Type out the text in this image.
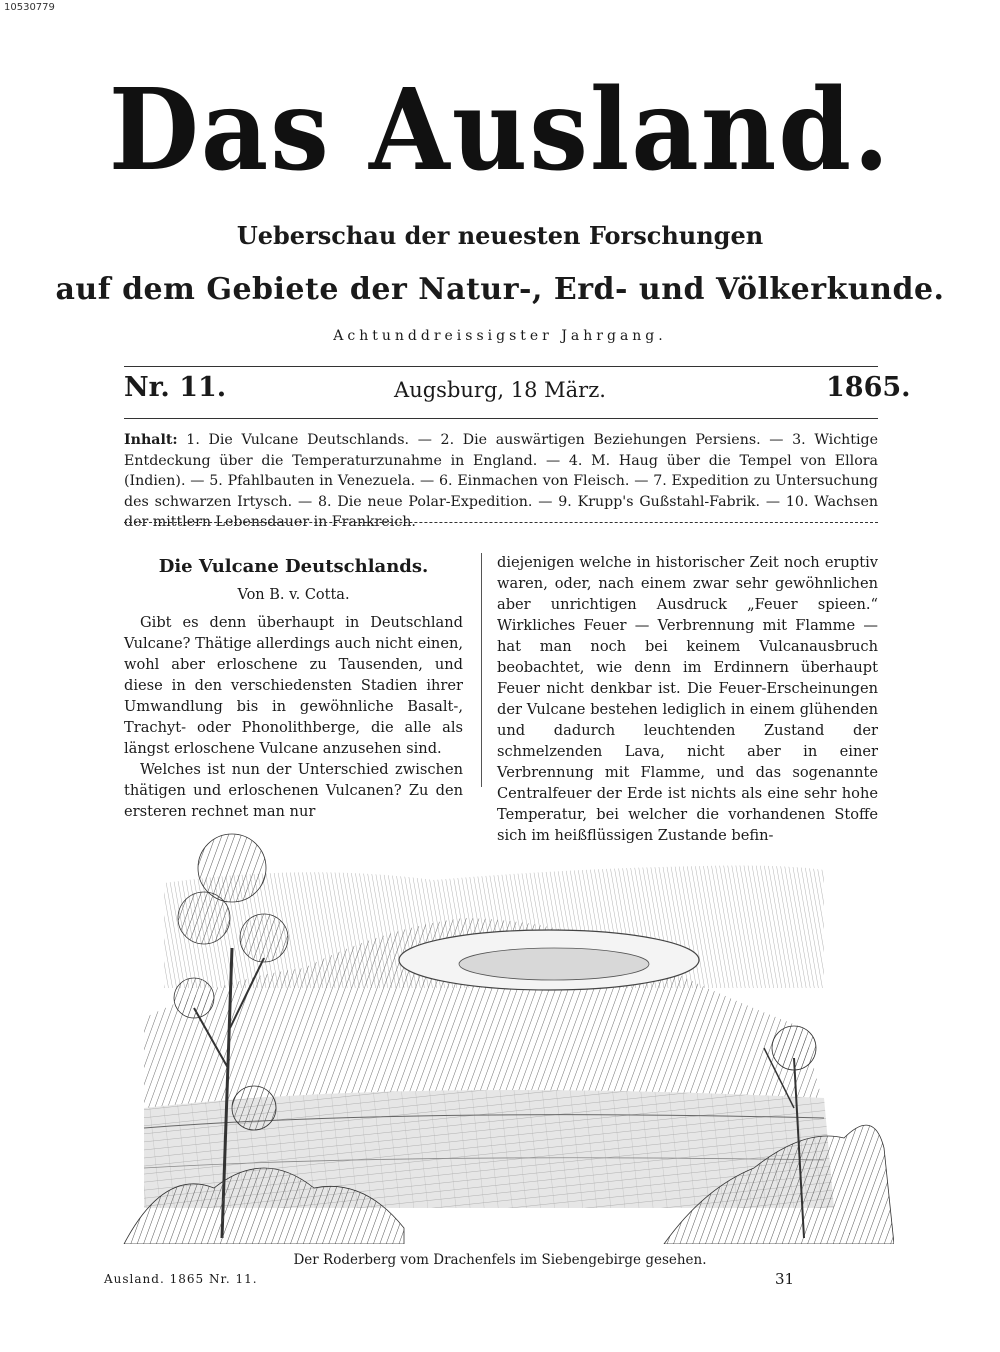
10530779
Das Ausland.
Ueberschau der neuesten Forschungen
auf dem Gebiete der Natur-, Erd- und Völkerkunde.
Achtunddreissigster Jahrgang.
Nr. 11.	Augsburg, 18 März.	1865.
Inhalt: 1. Die Vulcane Deutschlands. — 2. Die auswärtigen Beziehungen Persiens. — 3. Wichtige Entdeckung über die Temperaturzunahme in England. — 4. M. Haug über die Tempel von Ellora (Indien). — 5. Pfahlbauten in Venezuela. — 6. Einmachen von Fleisch. — 7. Expedition zu Untersuchung des schwarzen Irtysch. — 8. Die neue Polar-Expedition. — 9. Krupp's Gußstahl-Fabrik. — 10. Wachsen der mittlern Lebensdauer in Frankreich.
Die Vulcane Deutschlands.
Von B. v. Cotta.

Gibt es denn überhaupt in Deutschland Vulcane? Thätige allerdings auch nicht einen, wohl aber erloschene zu Tausenden, und diese in den verschiedensten Stadien ihrer Umwandlung bis in gewöhnliche Basalt-, Trachyt- oder Phonolithberge, die alle als längst erloschene Vulcane anzusehen sind.

Welches ist nun der Unterschied zwischen thätigen und erloschenen Vulcanen? Zu den ersteren rechnet man nur

diejenigen welche in historischer Zeit noch eruptiv waren, oder, nach einem zwar sehr gewöhnlichen aber unrichtigen Ausdruck „Feuer spieen.“ Wirkliches Feuer — Verbrennung mit Flamme — hat man noch bei keinem Vulcanausbruch beobachtet, wie denn im Erdinnern überhaupt Feuer nicht denkbar ist. Die Feuer-Erscheinungen der Vulcane bestehen lediglich in einem glühenden und dadurch leuchtenden Zustand der schmelzenden Lava, nicht aber in einer Verbrennung mit Flamme, und das sogenannte Centralfeuer der Erde ist nichts als eine sehr hohe Temperatur, bei welcher die vorhandenen Stoffe sich im heißflüssigen Zustande befin-

Der Roderberg vom Drachenfels im Siebengebirge gesehen.
Ausland. 1865 Nr. 11.	31
